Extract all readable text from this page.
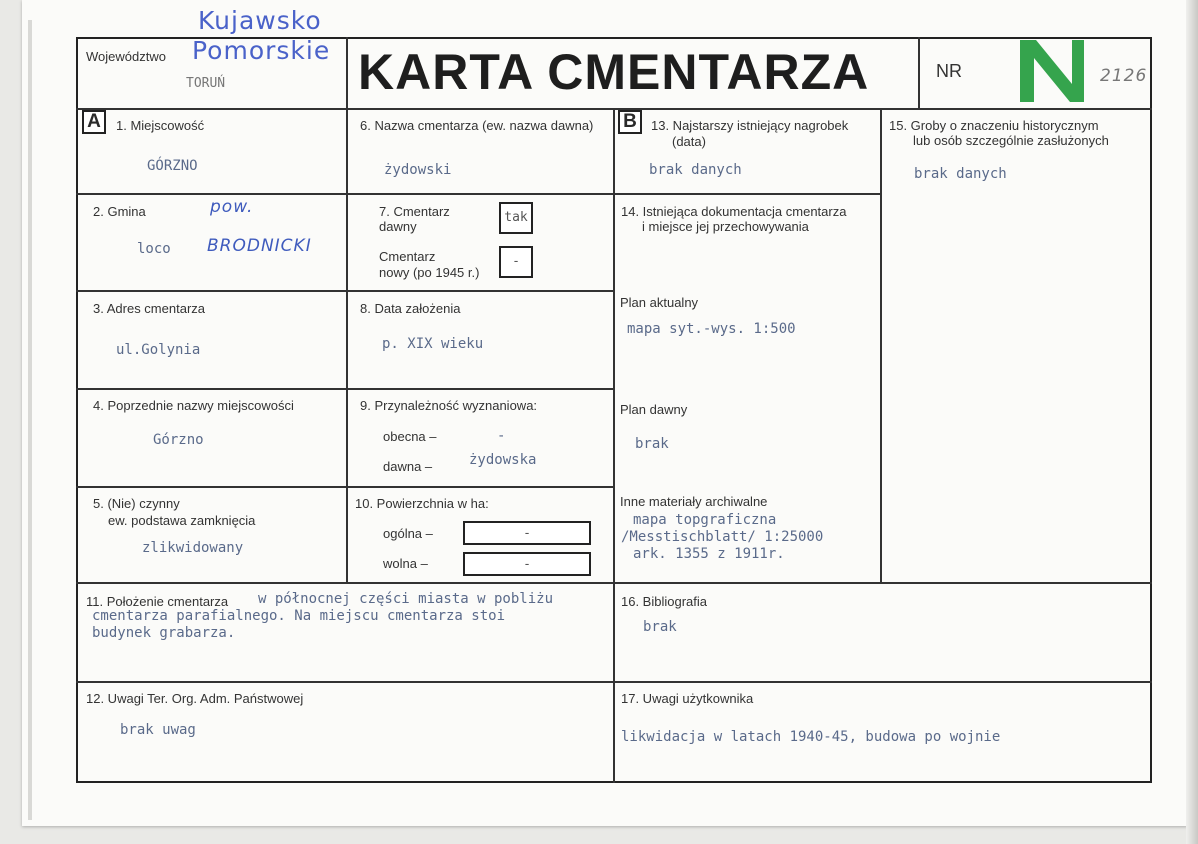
Kujawsko
Pomorskie
Województwo
TORUŃ	KARTA CMENTARZA	NR	2126
A	B
1. Miejscowość
GÓRZNO
2. Gmina	pow.
loco BRODNICKI
3. Adres cmentarza
ul.Golynia
4. Poprzednie nazwy miejscowości
Górzno
5. (Nie) czynny
ew. podstawa zamknięcia
zlikwidowany
6. Nazwa cmentarza (ew. nazwa dawna)
żydowski
7. Cmentarz
dawny
tak
Cmentarz
nowy (po 1945 r.)
-
8. Data założenia
p. XIX wieku
9. Przynależność wyznaniowa:
obecna –	-
dawna –	żydowska
10. Powierzchnia w ha:
ogólna –	-
wolna –	-
11. Położenie cmentarza w północnej części miasta w pobliżu
cmentarza parafialnego. Na miejscu cmentarza stoi
budynek grabarza.
12. Uwagi Ter. Org. Adm. Państwowej
brak uwag
13. Najstarszy istniejący nagrobek
(data)
brak danych
14. Istniejąca dokumentacja cmentarza
i miejsce jej przechowywania
Plan aktualny
mapa syt.-wys. 1:500
Plan dawny
brak
Inne materiały archiwalne
mapa topgraficzna
/Messtischblatt/ 1:25000
ark. 1355 z 1911r.
15. Groby o znaczeniu historycznym
lub osób szczególnie zasłużonych
brak danych
16. Bibliografia
brak
17. Uwagi użytkownika
likwidacja w latach 1940-45, budowa po wojnie
